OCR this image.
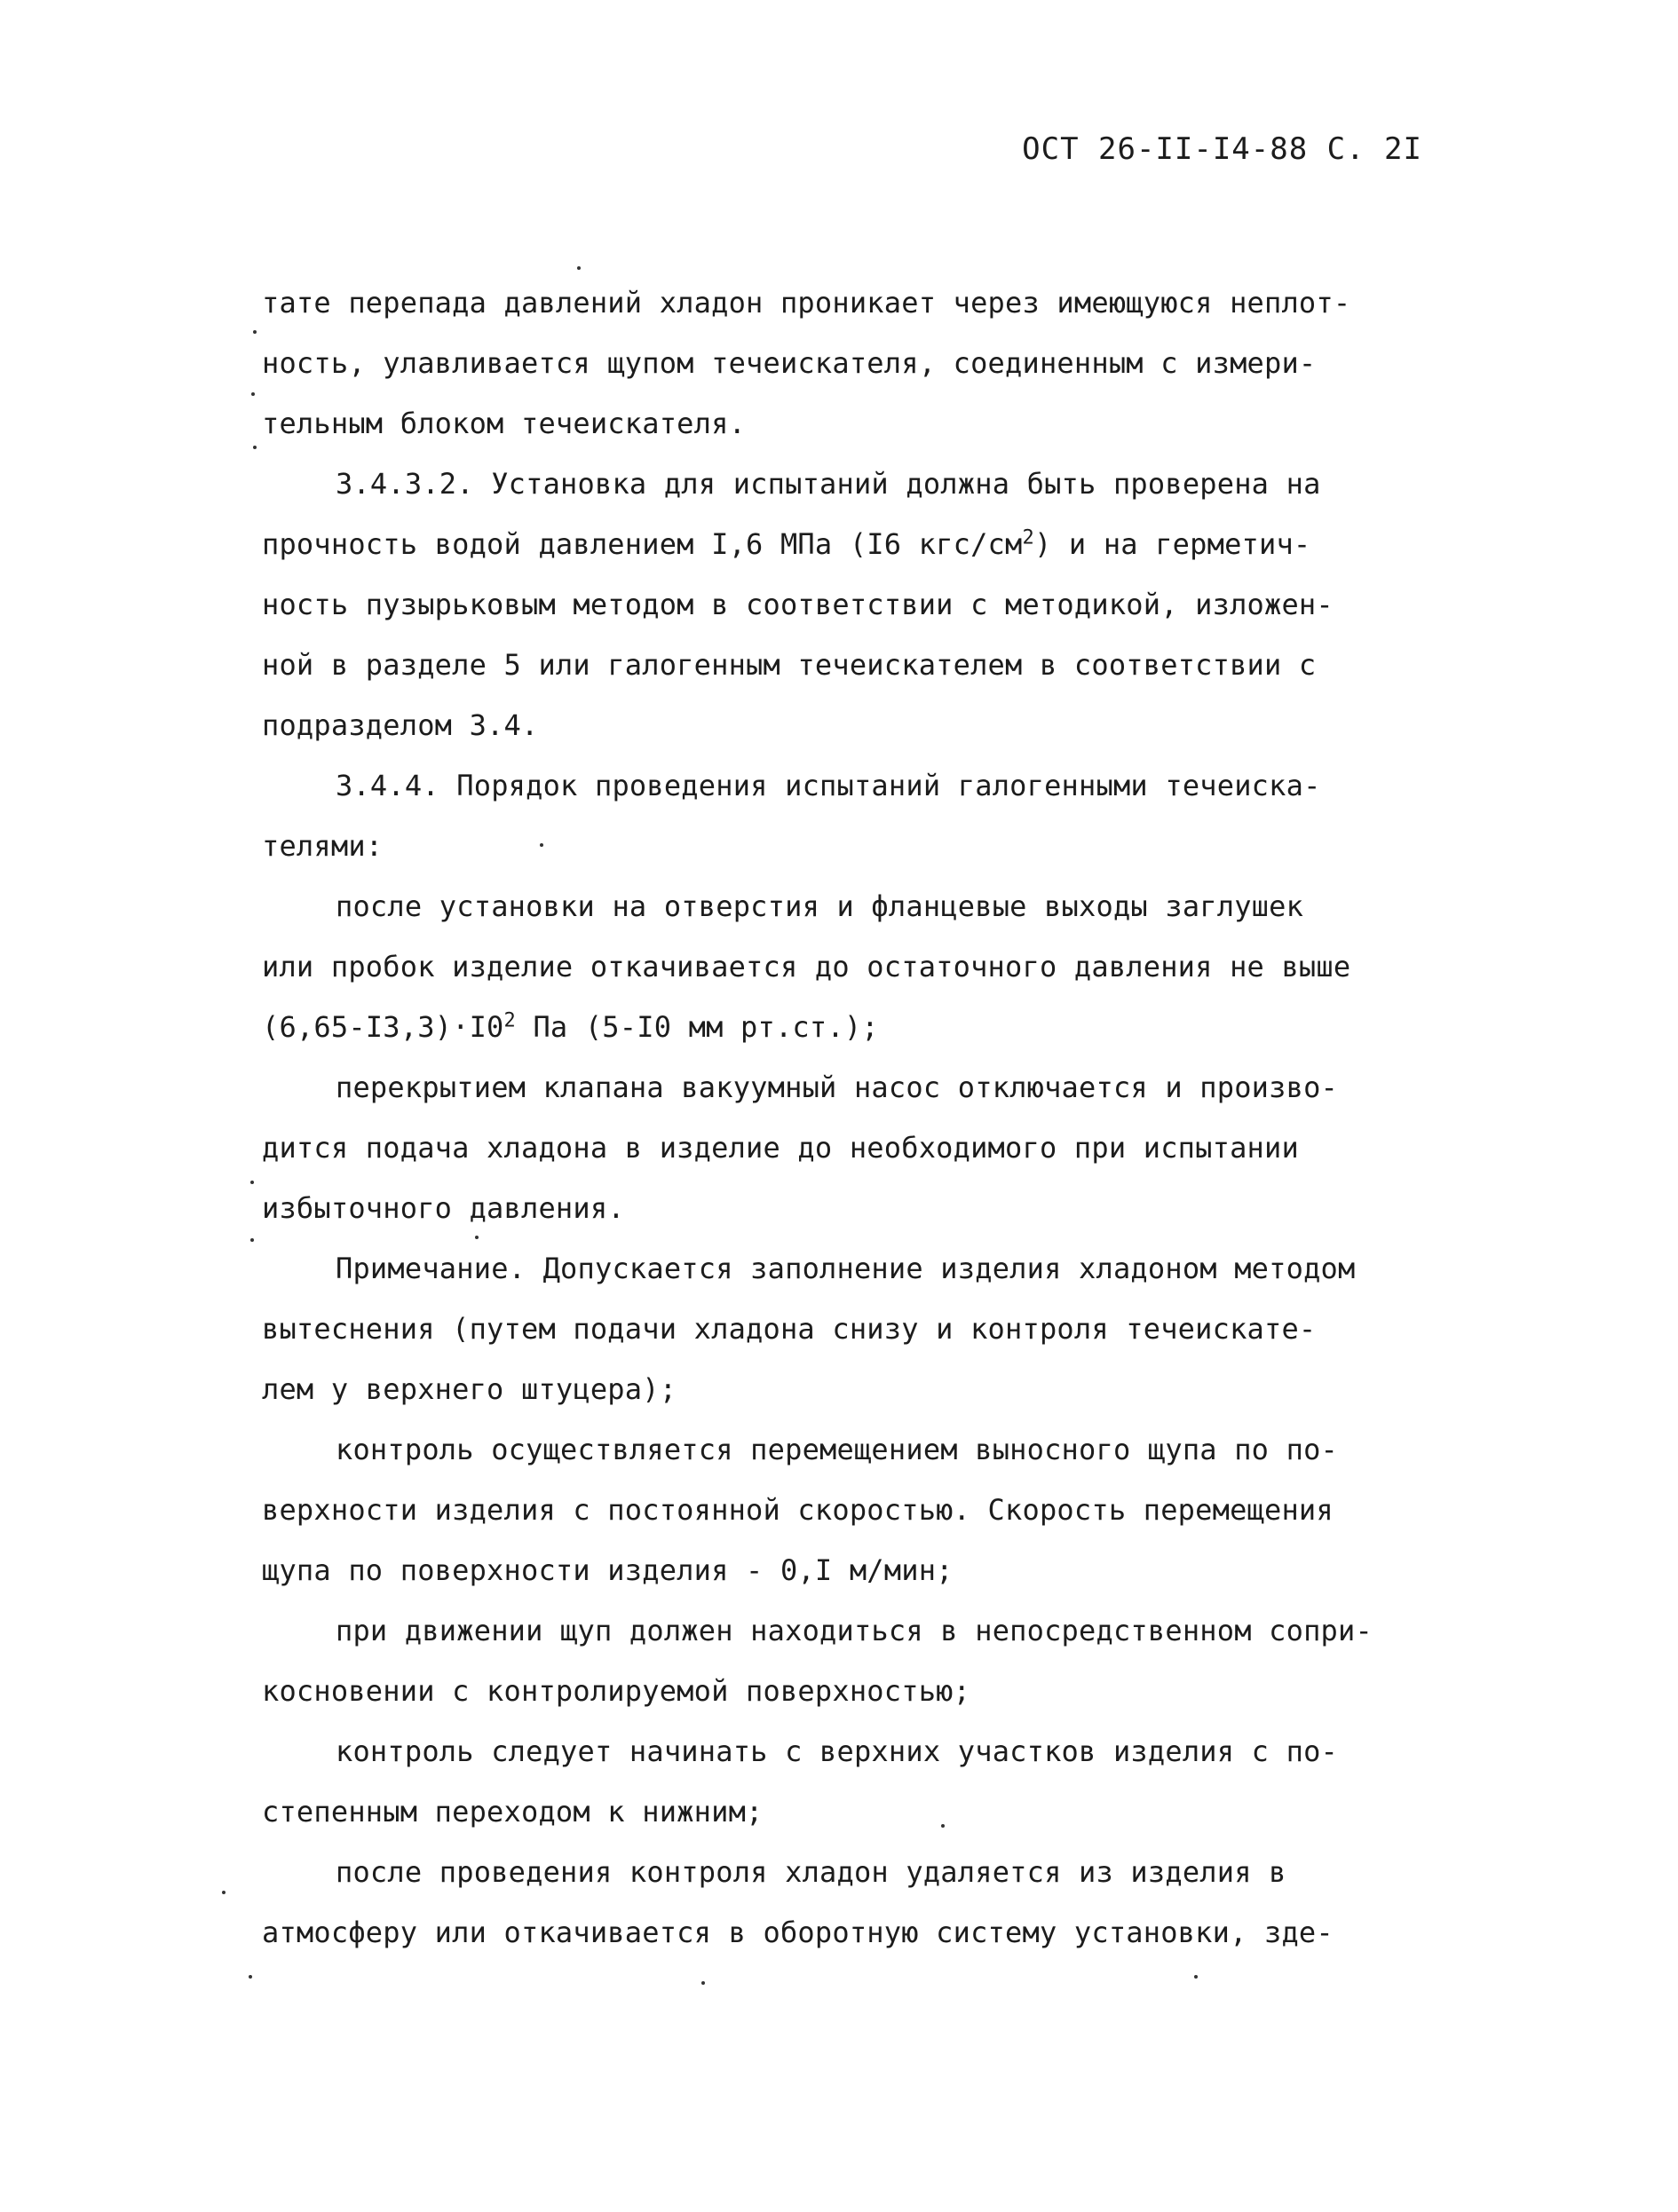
ОСТ 26-II-I4-88 С. 2I
тате перепада давлений хладон проникает через имеющуюся неплот-
ность, улавливается щупом течеискателя, соединенным с измери-
тельным блоком течеискателя.
3.4.3.2. Установка для испытаний должна быть проверена на
прочность водой давлением I,6 МПа (I6 кгс/$см^2$) и на герметич-
ность пузырьковым методом в соответствии с методикой, изложен-
ной в разделе 5 или галогенным течеискателем в соответствии с
подразделом 3.4.
3.4.4. Порядок проведения испытаний галогенными течеиска-
телями:
после установки на отверстия и фланцевые выходы заглушек
или пробок изделие откачивается до остаточного давления не выше
$(6,65-I3,3)\cdot I0^2$ Па (5-I0 мм рт.ст.);
перекрытием клапана вакуумный насос отключается и произво-
дится подача хладона в изделие до необходимого при испытании
избыточного давления.
Примечание. Допускается заполнение изделия хладоном методом
вытеснения (путем подачи хладона снизу и контроля течеискате-
лем у верхнего штуцера);
контроль осуществляется перемещением выносного щупа по по-
верхности изделия с постоянной скоростью. Скорость перемещения
щупа по поверхности изделия - 0,I м/мин;
при движении щуп должен находиться в непосредственном сопри-
косновении с контролируемой поверхностью;
контроль следует начинать с верхних участков изделия с по-
степенным переходом к нижним;
после проведения контроля хладон удаляется из изделия в
атмосферу или откачивается в оборотную систему установки, зде-
